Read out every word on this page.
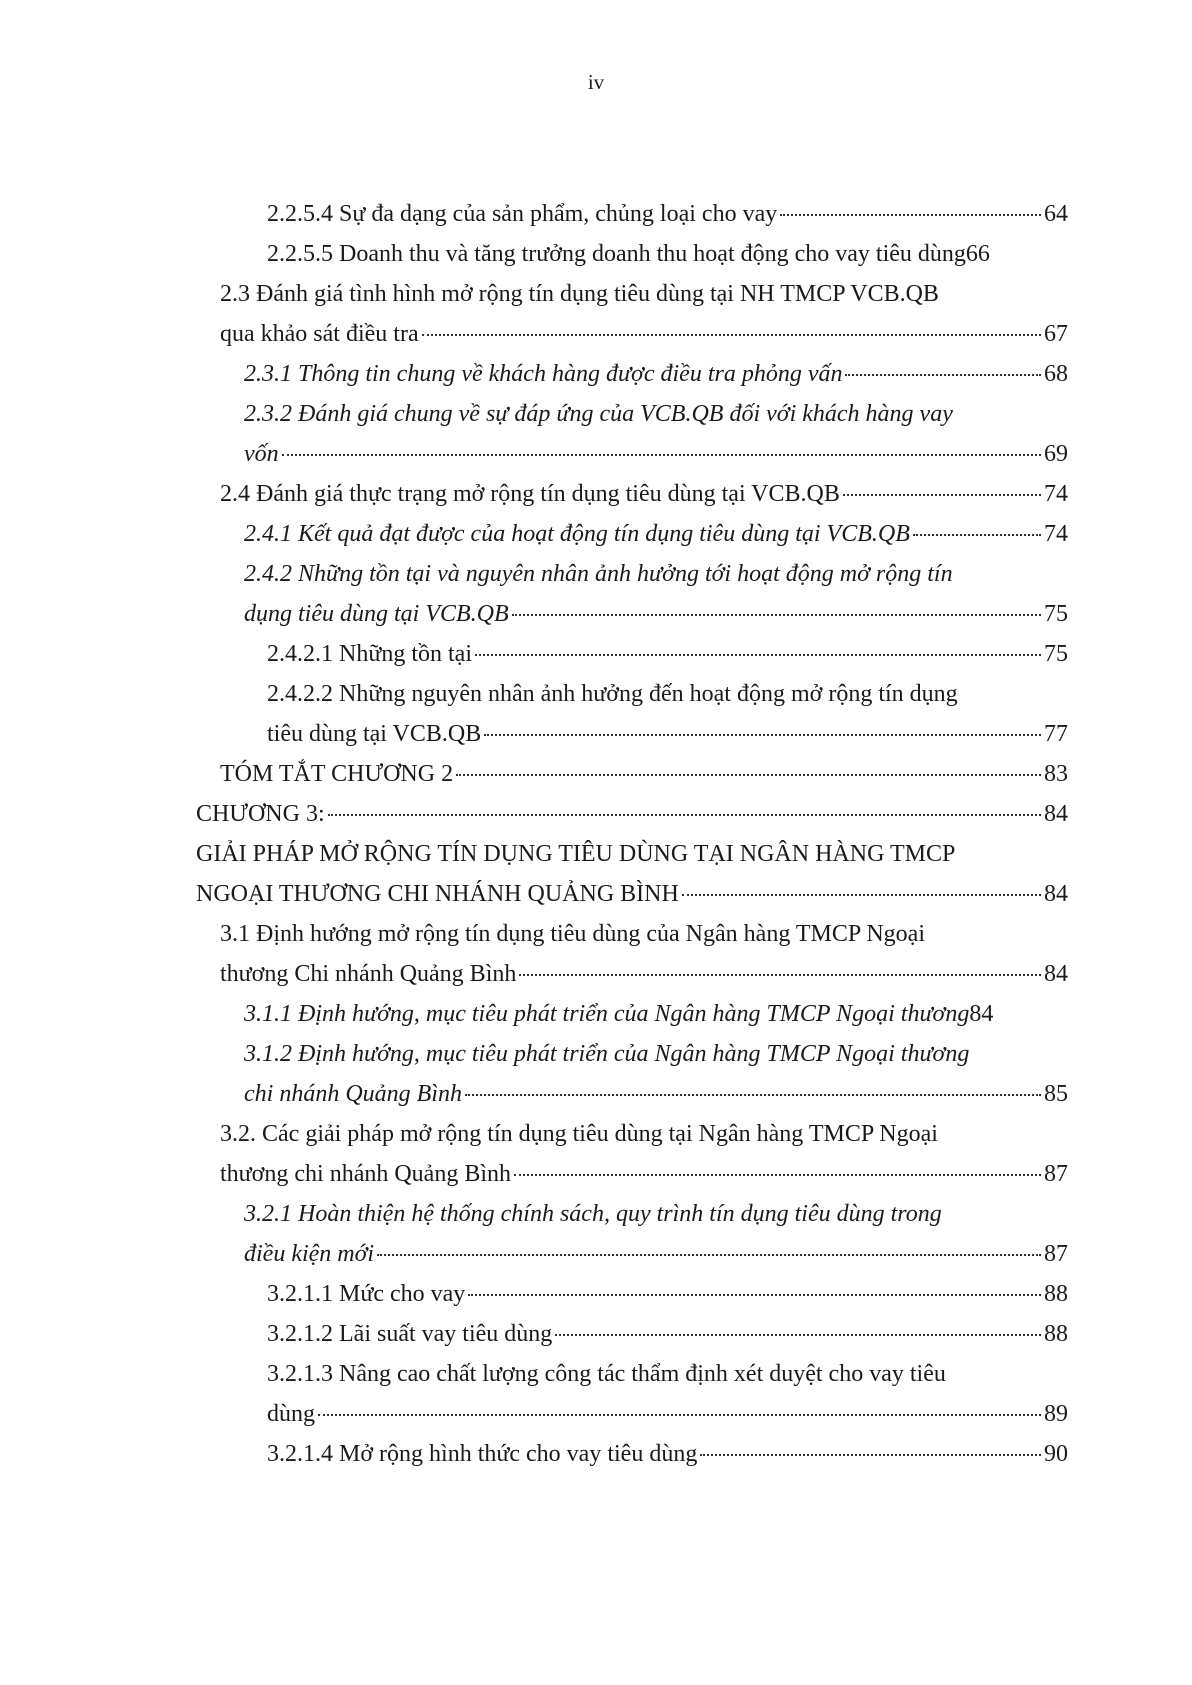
iv
2.2.5.4 Sự đa dạng của sản phẩm, chủng loại cho vay	64
2.2.5.5 Doanh thu và tăng trưởng doanh thu hoạt động cho vay tiêu dùng 66
2.3 Đánh giá tình hình mở rộng tín dụng tiêu dùng tại NH TMCP VCB.QB
qua khảo sát điều tra	67
2.3.1 Thông tin chung về khách hàng được điều tra phỏng vấn	68
2.3.2 Đánh giá chung về sự đáp ứng của VCB.QB đối với khách hàng vay
vốn	69
2.4 Đánh giá thực trạng mở rộng tín dụng tiêu dùng tại VCB.QB	74
2.4.1 Kết quả đạt được của hoạt động tín dụng tiêu dùng tại VCB.QB	74
2.4.2 Những tồn tại và nguyên nhân ảnh hưởng tới hoạt động mở rộng tín
dụng tiêu dùng tại VCB.QB	75
2.4.2.1 Những tồn tại	75
2.4.2.2 Những nguyên nhân ảnh hưởng đến hoạt động mở rộng tín dụng
tiêu dùng tại VCB.QB	77
TÓM TẮT CHƯƠNG 2	83
CHƯƠNG 3:	84
GIẢI PHÁP MỞ RỘNG TÍN DỤNG TIÊU DÙNG TẠI NGÂN HÀNG TMCP
NGOẠI THƯƠNG CHI NHÁNH QUẢNG BÌNH	84
3.1 Định hướng mở rộng tín dụng tiêu dùng của Ngân hàng TMCP Ngoại
thương Chi nhánh Quảng Bình	84
3.1.1 Định hướng, mục tiêu phát triển của Ngân hàng TMCP Ngoại thương 84
3.1.2 Định hướng, mục tiêu phát triển của Ngân hàng TMCP Ngoại thương
chi nhánh Quảng Bình	85
3.2. Các giải pháp mở rộng tín dụng tiêu dùng tại Ngân hàng TMCP Ngoại
thương chi nhánh Quảng Bình	87
3.2.1 Hoàn thiện hệ thống chính sách, quy trình tín dụng tiêu dùng trong
điều kiện mới	87
3.2.1.1 Mức cho vay	88
3.2.1.2 Lãi suất vay tiêu dùng	88
3.2.1.3 Nâng cao chất lượng công tác thẩm định xét duyệt cho vay tiêu
dùng	89
3.2.1.4 Mở rộng hình thức cho vay tiêu dùng	90
